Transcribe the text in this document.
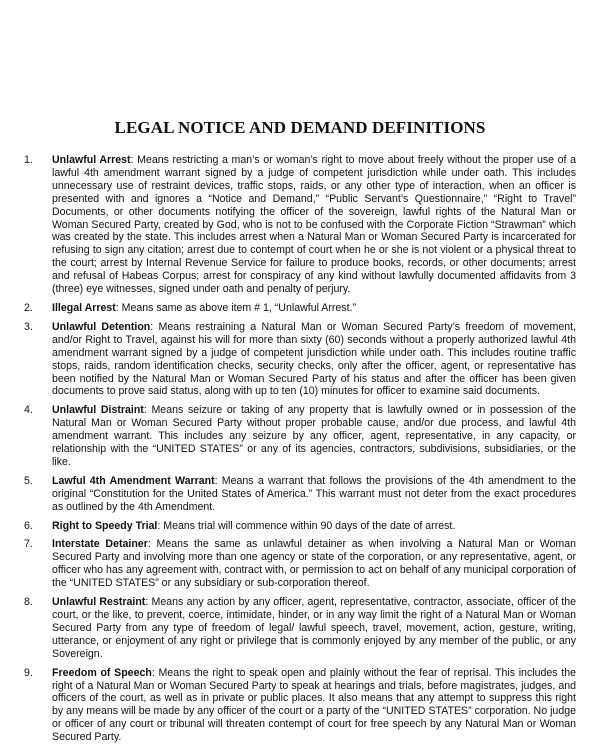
LEGAL NOTICE AND DEMAND DEFINITIONS
1.	Unlawful Arrest: Means restricting a man’s or woman’s right to move about freely without the proper use of a lawful 4th amendment warrant signed by a judge of competent jurisdiction while under oath. This includes unnecessary use of restraint devices, traffic stops, raids, or any other type of interaction, when an officer is presented with and ignores a “Notice and Demand,” “Public Servant’s Questionnaire,” “Right to Travel” Documents, or other documents notifying the officer of the sovereign, lawful rights of the Natural Man or Woman Secured Party, created by God, who is not to be confused with the Corporate Fiction “Strawman” which was created by the state. This includes arrest when a Natural Man or Woman Secured Party is incarcerated for refusing to sign any citation; arrest due to contempt of court when he or she is not violent or a physical threat to the court; arrest by Internal Revenue Service for failure to produce books, records, or other documents; arrest and refusal of Habeas Corpus; arrest for conspiracy of any kind without lawfully documented affidavits from 3 (three) eye witnesses, signed under oath and penalty of perjury.
2.	Illegal Arrest: Means same as above item # 1, “Unlawful Arrest.”
3.	Unlawful Detention: Means restraining a Natural Man or Woman Secured Party’s freedom of movement, and/or Right to Travel, against his will for more than sixty (60) seconds without a properly authorized lawful 4th amendment warrant signed by a judge of competent jurisdiction while under oath. This includes routine traffic stops, raids, random identification checks, security checks, only after the officer, agent, or representative has been notified by the Natural Man or Woman Secured Party of his status and after the officer has been given documents to prove said status, along with up to ten (10) minutes for officer to examine said documents.
4.	Unlawful Distraint: Means seizure or taking of any property that is lawfully owned or in possession of the Natural Man or Woman Secured Party without proper probable cause, and/or due process, and lawful 4th amendment warrant. This includes any seizure by any officer, agent, representative, in any capacity, or relationship with the “UNITED STATES” or any of its agencies, contractors, subdivisions, subsidiaries, or the like.
5.	Lawful 4th Amendment Warrant: Means a warrant that follows the provisions of the 4th amendment to the original “Constitution for the United States of America.” This warrant must not deter from the exact procedures as outlined by the 4th Amendment.
6.	Right to Speedy Trial: Means trial will commence within 90 days of the date of arrest.
7.	Interstate Detainer: Means the same as unlawful detainer as when involving a Natural Man or Woman Secured Party and involving more than one agency or state of the corporation, or any representative, agent, or officer who has any agreement with, contract with, or permission to act on behalf of any municipal corporation of the “UNITED STATES” or any subsidiary or sub-corporation thereof.
8.	Unlawful Restraint: Means any action by any officer, agent, representative, contractor, associate, officer of the court, or the like, to prevent, coerce, intimidate, hinder, or in any way limit the right of a Natural Man or Woman Secured Party from any type of freedom of legal/ lawful speech, travel, movement, action, gesture, writing, utterance, or enjoyment of any right or privilege that is commonly enjoyed by any member of the public, or any Sovereign.
9.	Freedom of Speech: Means the right to speak open and plainly without the fear of reprisal. This includes the right of a Natural Man or Woman Secured Party to speak at hearings and trials, before magistrates, judges, and officers of the court, as well as in private or public places. It also means that any attempt to suppress this right by any means will be made by any officer of the court or a party of the “UNITED STATES” corporation. No judge or officer of any court or tribunal will threaten contempt of court for free speech by any Natural Man or Woman Secured Party.
